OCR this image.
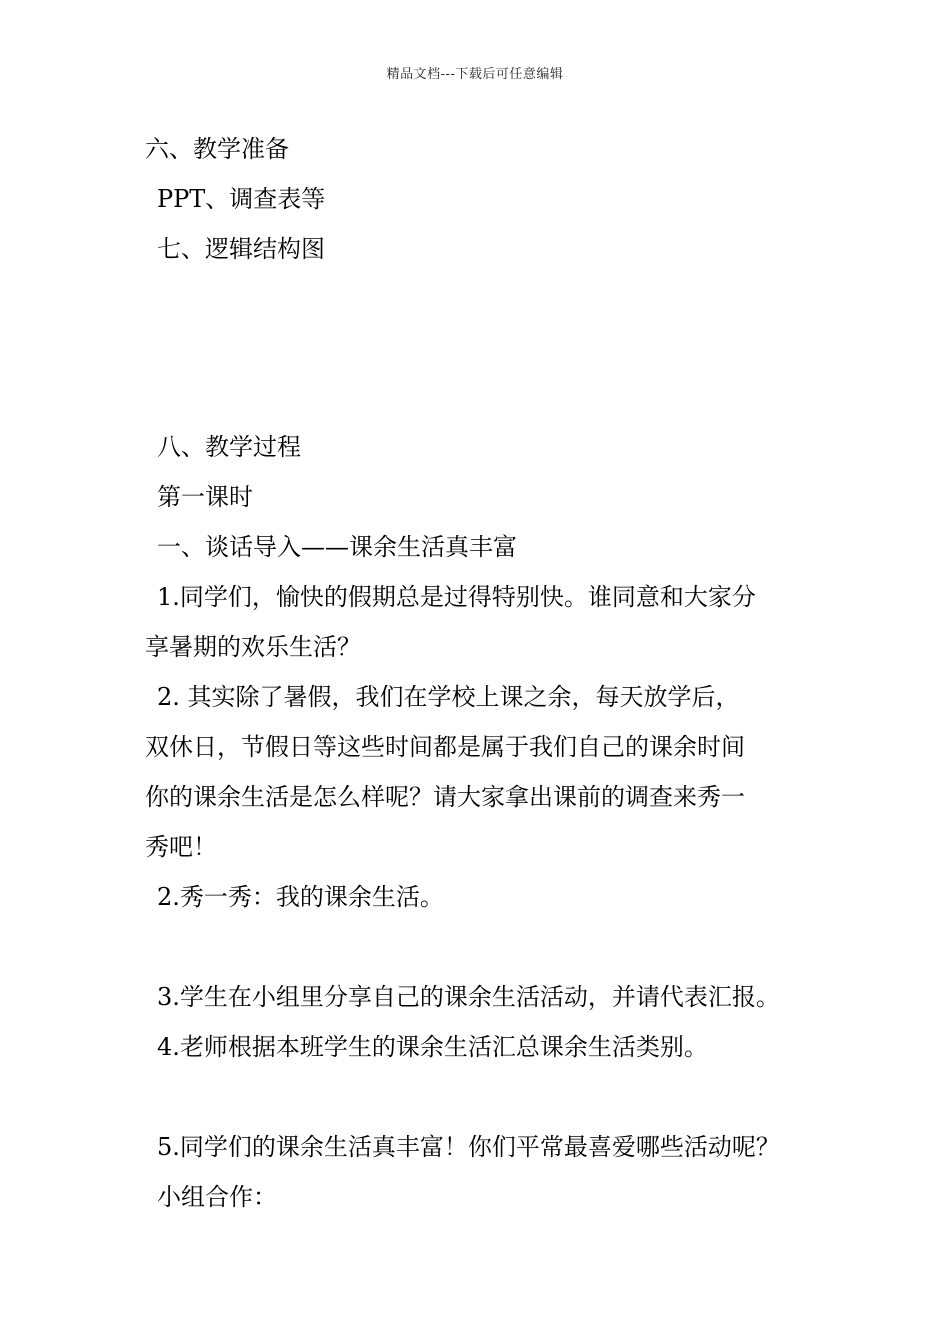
精品文档---下载后可任意编辑
六、教学准备
PPT、调查表等
七、逻辑结构图
八、教学过程
第一课时
一、谈话导入——课余生活真丰富
1.同学们，愉快的假期总是过得特别快。谁同意和大家分
享暑期的欢乐生活？
2. 其实除了暑假，我们在学校上课之余，每天放学后，
双休日，节假日等这些时间都是属于我们自己的课余时间
你的课余生活是怎么样呢？请大家拿出课前的调查来秀一
秀吧！
2.秀一秀：我的课余生活。
3.学生在小组里分享自己的课余生活活动，并请代表汇报。
4.老师根据本班学生的课余生活汇总课余生活类别。
5.同学们的课余生活真丰富！你们平常最喜爱哪些活动呢？
小组合作：
